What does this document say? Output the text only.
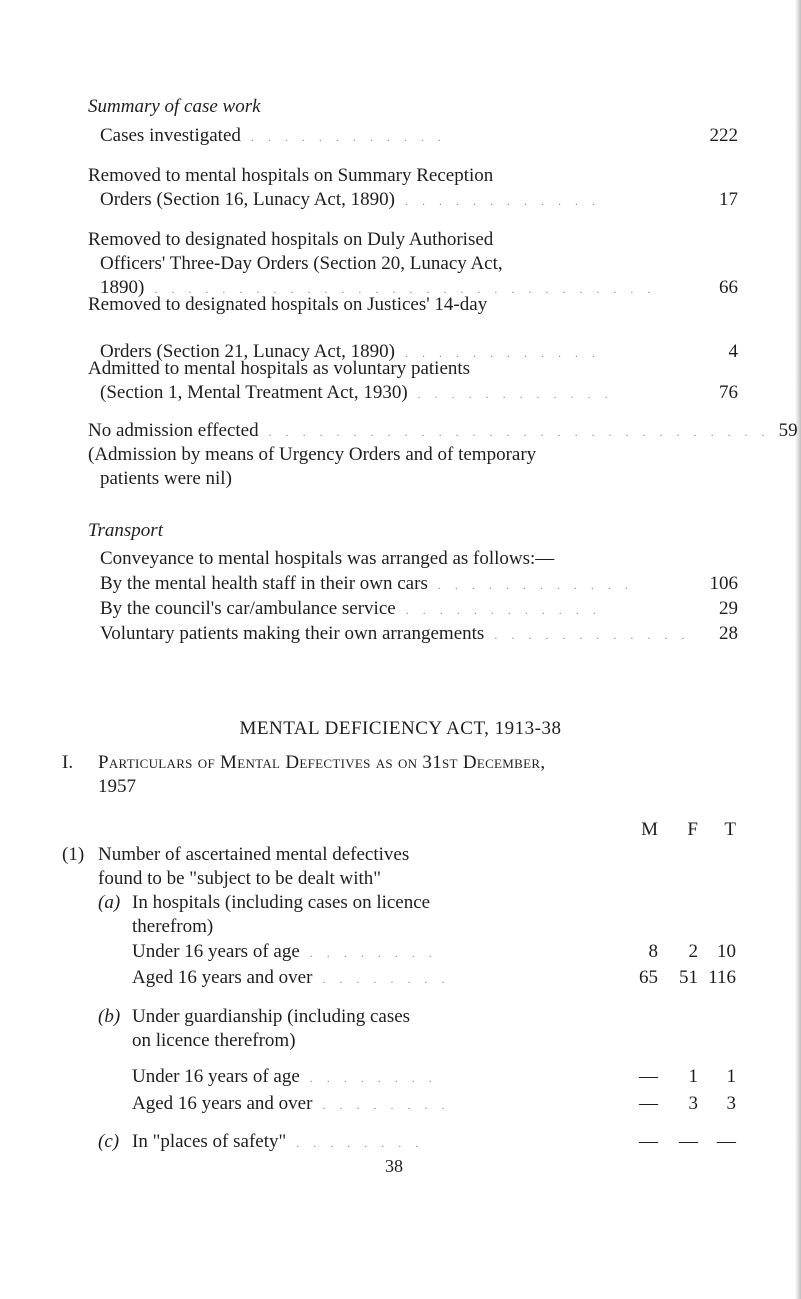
Summary of case work
Cases investigated ............	222
Removed to mental hospitals on Summary Reception
Orders (Section 16, Lunacy Act, 1890) ............	17
Removed to designated hospitals on Duly Authorised
Officers' Three-Day Orders (Section 20, Lunacy Act,
1890) ..............................	66
Removed to designated hospitals on Justices' 14-day
Orders (Section 21, Lunacy Act, 1890) ............	4
Admitted to mental hospitals as voluntary patients
(Section 1, Mental Treatment Act, 1930) ............	76
No admission effected .............................. 59
(Admission by means of Urgency Orders and of temporary
patients were nil)
Transport
Conveyance to mental hospitals was arranged as follows:—
By the mental health staff in their own cars ............	106
By the council's car/ambulance service ............	29
Voluntary patients making their own arrangements ............	28
MENTAL DEFICIENCY ACT, 1913-38
I. Particulars of Mental Defectives as on 31st December,
1957
M	F	T
(1) Number of ascertained mental defectives
found to be "subject to be dealt with"
(a) In hospitals (including cases on licence
therefrom)
Under 16 years of age ........	8	2	10
Aged 16 years and over ........	65	51 116
(b) Under guardianship (including cases
on licence therefrom)
Under 16 years of age ........	—	1	1
Aged 16 years and over ........	—	3	3
(c) In "places of safety" ........	—	—	—
38
